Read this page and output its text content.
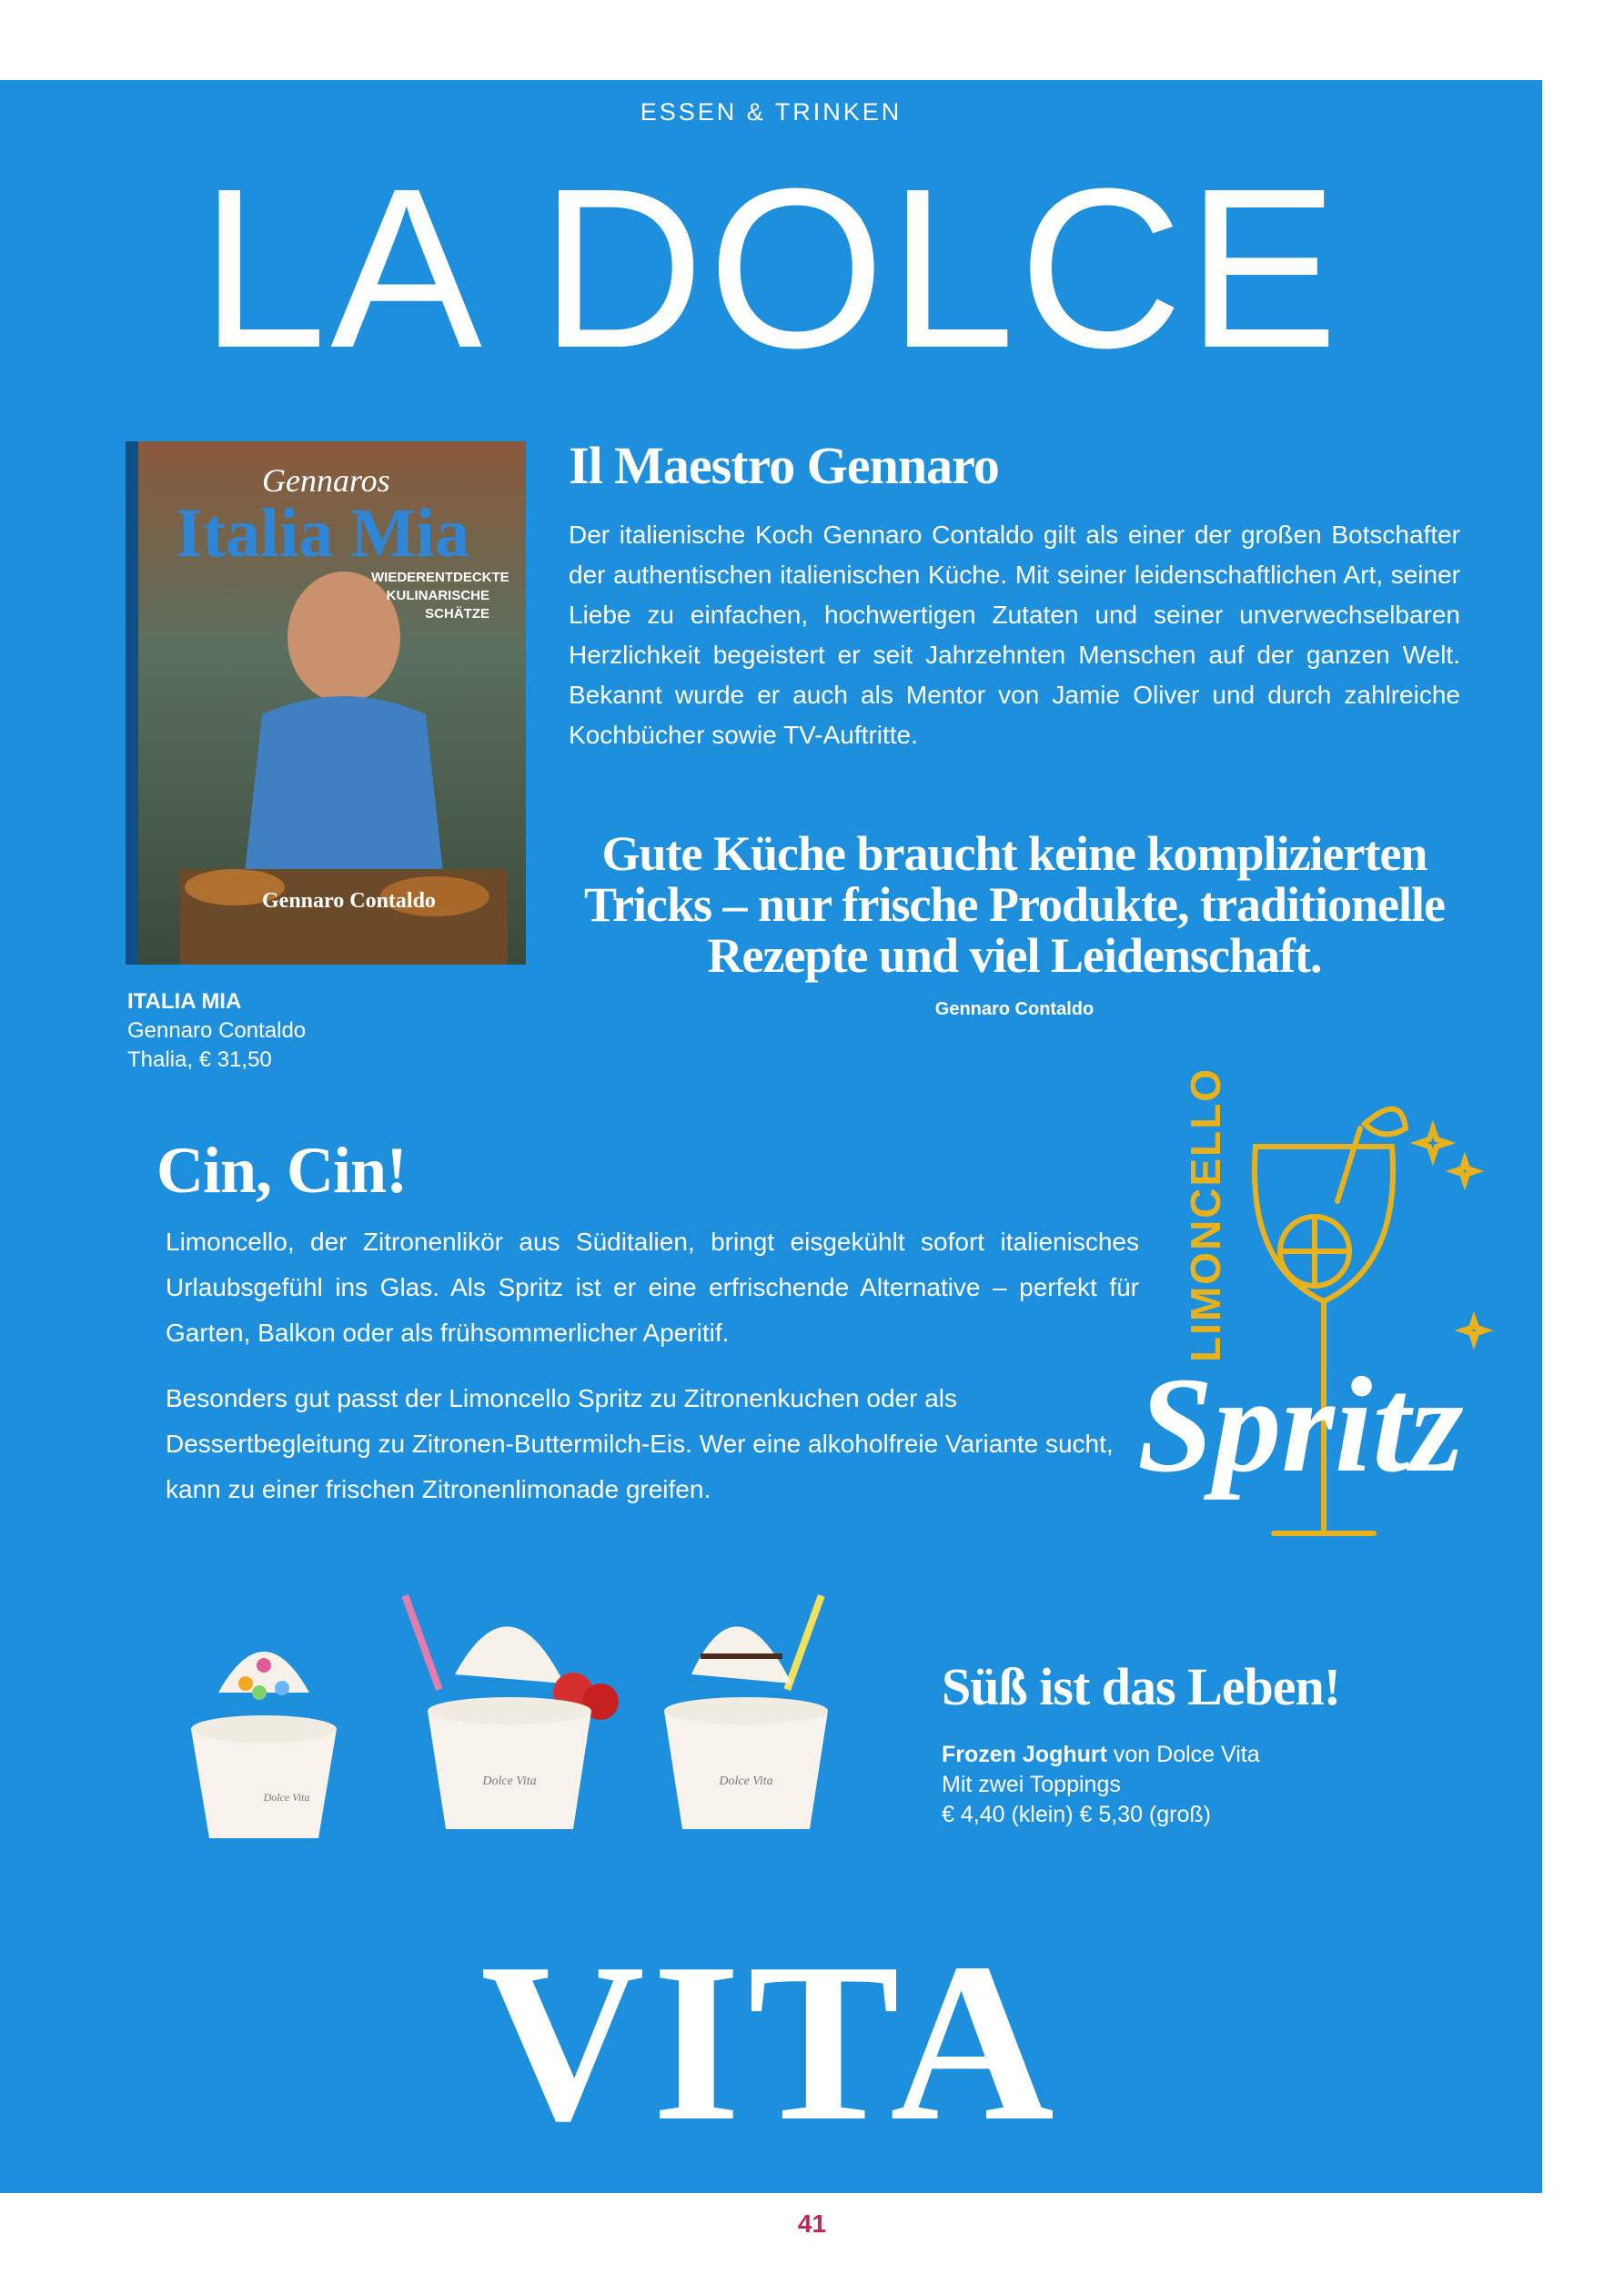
ESSEN & TRINKEN
LA DOLCE
Gennaros
Italia Mia
WIEDERENTDECKTE
KULINARISCHE
SCHÄTZE
Gennaro Contaldo
ITALIA MIA
Gennaro Contaldo
Thalia, € 31,50
Il Maestro Gennaro
Der italienische Koch Gennaro Contaldo gilt als einer der großen Botschafter der authentischen italienischen Küche. Mit seiner leidenschaftlichen Art, seiner Liebe zu einfachen, hochwertigen Zutaten und seiner unverwechselbaren Herzlichkeit begeistert er seit Jahrzehnten Menschen auf der ganzen Welt. Bekannt wurde er auch als Mentor von Jamie Oliver und durch zahlreiche Kochbücher sowie TV-Auftritte.
Gute Küche braucht keine komplizierten Tricks – nur frische Produkte, traditionelle Rezepte und viel Leidenschaft.
Gennaro Contaldo
Cin, Cin!
Limoncello, der Zitronenlikör aus Süditalien, bringt eisgekühlt sofort italienisches Urlaubsgefühl ins Glas. Als Spritz ist er eine erfrischende Alternative – perfekt für Garten, Balkon oder als frühsommerlicher Aperitif.
Besonders gut passt der Limoncello Spritz zu Zitronenkuchen oder als Dessertbegleitung zu Zitronen-Buttermilch-Eis. Wer eine alkoholfreie Variante sucht, kann zu einer frischen Zitronenlimonade greifen.
LIMONCELLO
Spritz
Dolce Vita
Dolce Vita	Dolce Vita
Süß ist das Leben!
Frozen Joghurt von Dolce Vita
Mit zwei Toppings
€ 4,40 (klein) € 5,30 (groß)
VITA
41
